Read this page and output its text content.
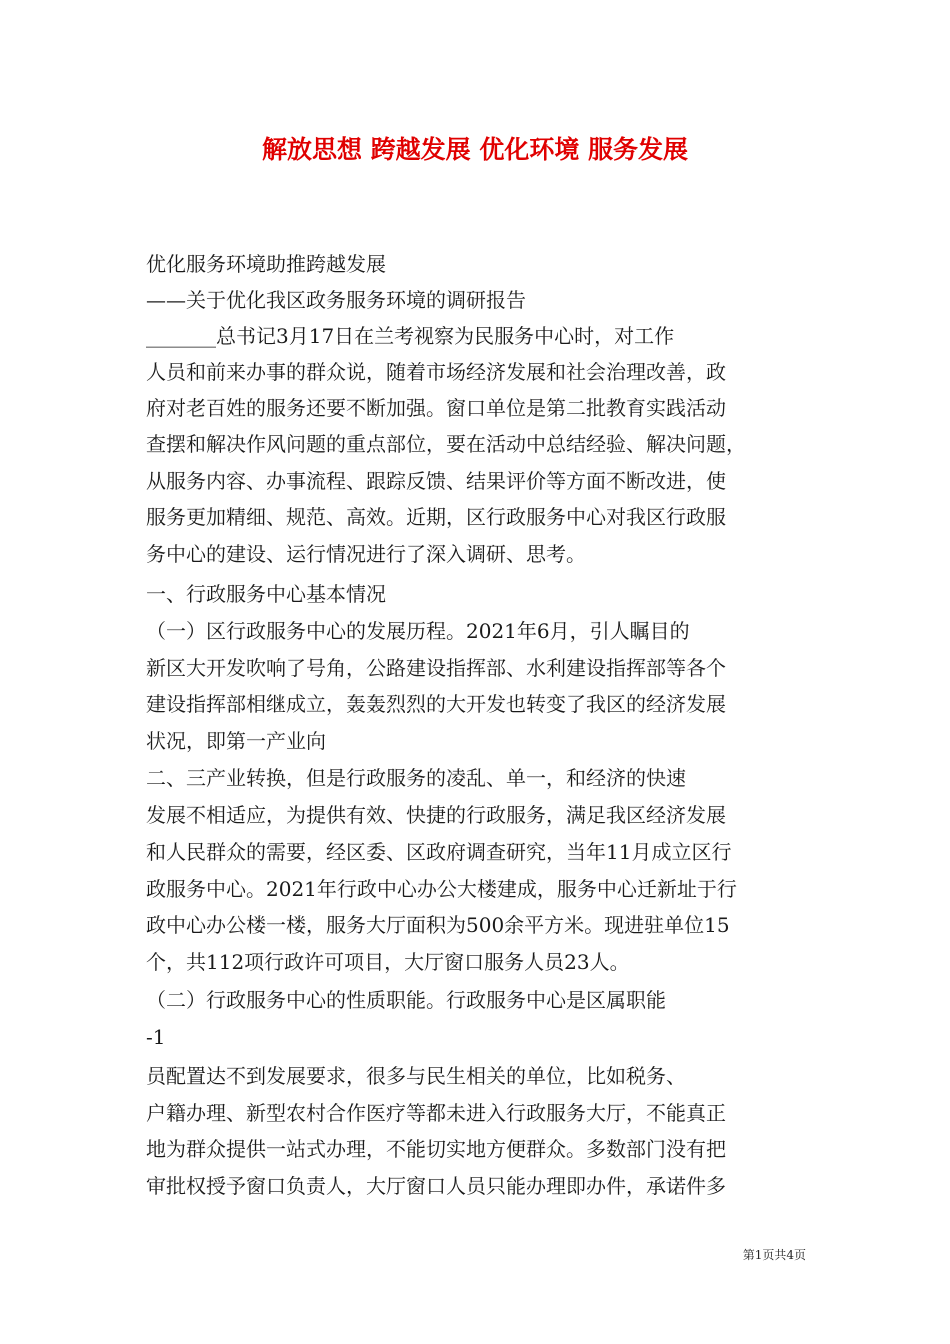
解放思想 跨越发展 优化环境 服务发展
优化服务环境助推跨越发展
——关于优化我区政务服务环境的调研报告
_______总书记3月17日在兰考视察为民服务中心时，对工作
人员和前来办事的群众说，随着市场经济发展和社会治理改善，政
府对老百姓的服务还要不断加强。窗口单位是第二批教育实践活动
查摆和解决作风问题的重点部位，要在活动中总结经验、解决问题，
从服务内容、办事流程、跟踪反馈、结果评价等方面不断改进，使
服务更加精细、规范、高效。近期，区行政服务中心对我区行政服
务中心的建设、运行情况进行了深入调研、思考。
一、行政服务中心基本情况
（一）区行政服务中心的发展历程。2021年6月，引人瞩目的
新区大开发吹响了号角，公路建设指挥部、水利建设指挥部等各个
建设指挥部相继成立，轰轰烈烈的大开发也转变了我区的经济发展
状况，即第一产业向
二、三产业转换，但是行政服务的凌乱、单一，和经济的快速
发展不相适应，为提供有效、快捷的行政服务，满足我区经济发展
和人民群众的需要，经区委、区政府调查研究，当年11月成立区行
政服务中心。2021年行政中心办公大楼建成，服务中心迁新址于行
政中心办公楼一楼，服务大厅面积为500余平方米。现进驻单位15
个，共112项行政许可项目，大厅窗口服务人员23人。
（二）行政服务中心的性质职能。行政服务中心是区属职能
-1
员配置达不到发展要求，很多与民生相关的单位，比如税务、
户籍办理、新型农村合作医疗等都未进入行政服务大厅，不能真正
地为群众提供一站式办理，不能切实地方便群众。多数部门没有把
审批权授予窗口负责人，大厅窗口人员只能办理即办件，承诺件多
第1页共4页
